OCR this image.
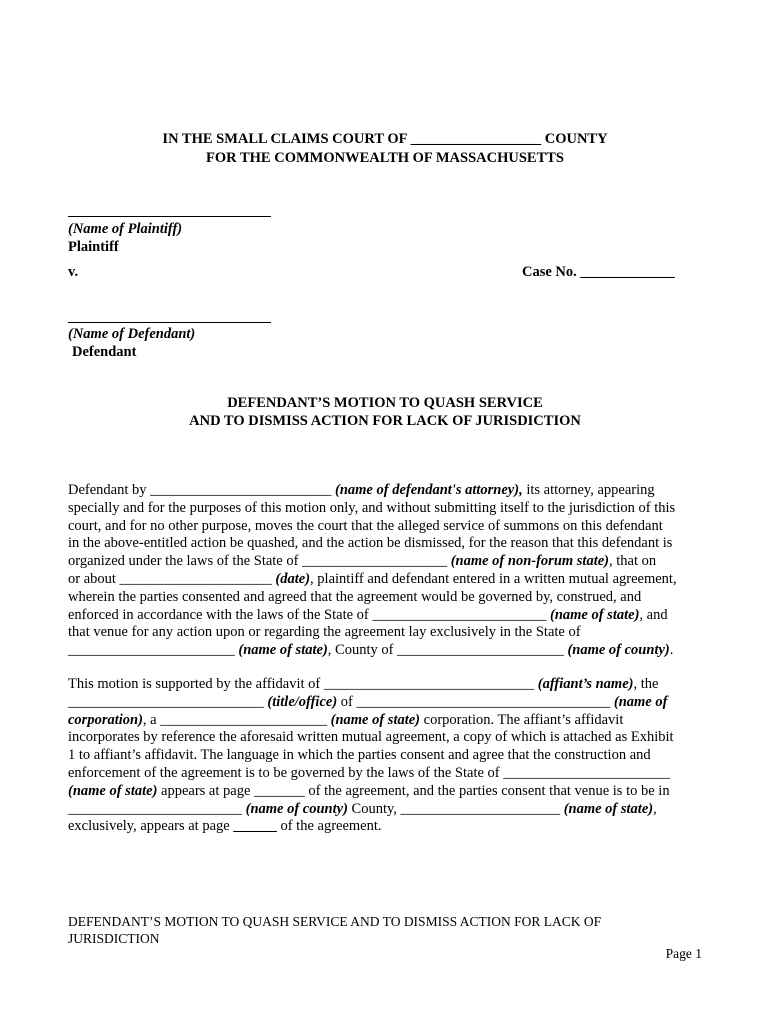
IN THE SMALL CLAIMS COURT OF __________________ COUNTY
FOR THE COMMONWEALTH OF MASSACHUSETTS
(Name of Plaintiff)
Plaintiff
v.	Case No. _____________
(Name of Defendant)
Defendant
DEFENDANT’S MOTION TO QUASH SERVICE
AND TO DISMISS ACTION FOR LACK OF JURISDICTION
Defendant by _________________________ (name of defendant's attorney), its attorney, appearing
specially and for the purposes of this motion only, and without submitting itself to the jurisdiction of this
court, and for no other purpose, moves the court that the alleged service of summons on this defendant
in the above-entitled action be quashed, and the action be dismissed, for the reason that this defendant is
organized under the laws of the State of ____________________ (name of non-forum state), that on
or about _____________________ (date), plaintiff and defendant entered in a written mutual agreement,
wherein the parties consented and agreed that the agreement would be governed by, construed, and
enforced in accordance with the laws of the State of ________________________ (name of state), and
that venue for any action upon or regarding the agreement lay exclusively in the State of
_______________________ (name of state), County of _______________________ (name of county).
This motion is supported by the affidavit of _____________________________ (affiant’s name), the
___________________________ (title/office) of ___________________________________ (name of
corporation), a _______________________ (name of state) corporation. The affiant’s affidavit
incorporates by reference the aforesaid written mutual agreement, a copy of which is attached as Exhibit
1 to affiant’s affidavit. The language in which the parties consent and agree that the construction and
enforcement of the agreement is to be governed by the laws of the State of _______________________
(name of state) appears at page _______ of the agreement, and the parties consent that venue is to be in
________________________ (name of county) County, ______________________ (name of state),
exclusively, appears at page ______ of the agreement.
DEFENDANT’S MOTION TO QUASH SERVICE AND TO DISMISS ACTION FOR LACK OF
JURISDICTION
Page 1
